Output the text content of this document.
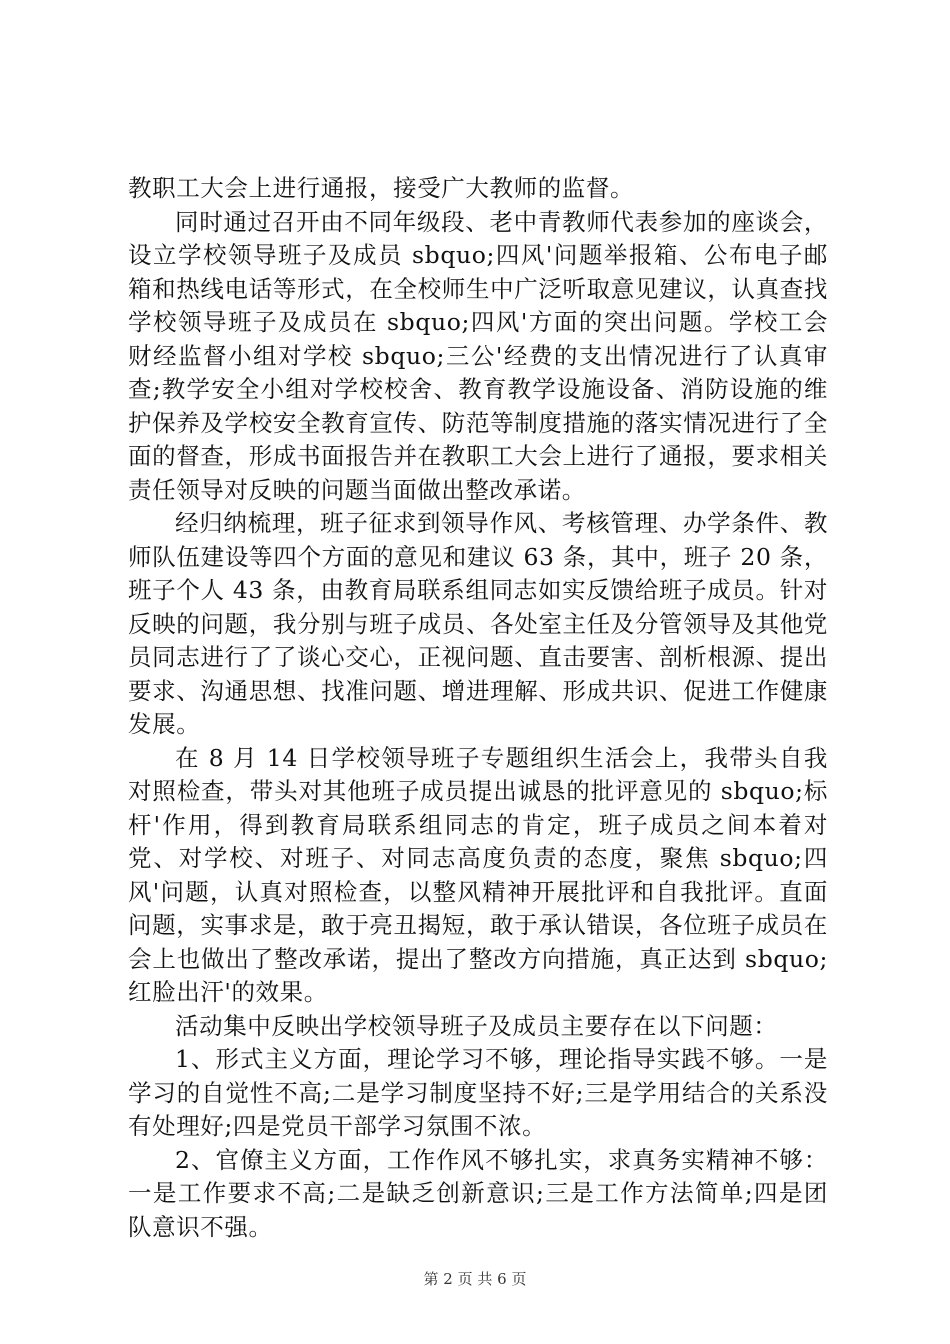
教职工大会上进行通报，接受广大教师的监督。

同时通过召开由不同年级段、老中青教师代表参加的座谈会，设立学校领导班子及成员 sbquo;四风'问题举报箱、公布电子邮箱和热线电话等形式，在全校师生中广泛听取意见建议，认真查找学校领导班子及成员在 sbquo;四风'方面的突出问题。学校工会财经监督小组对学校 sbquo;三公'经费的支出情况进行了认真审查;教学安全小组对学校校舍、教育教学设施设备、消防设施的维护保养及学校安全教育宣传、防范等制度措施的落实情况进行了全面的督查，形成书面报告并在教职工大会上进行了通报，要求相关责任领导对反映的问题当面做出整改承诺。

经归纳梳理，班子征求到领导作风、考核管理、办学条件、教师队伍建设等四个方面的意见和建议 63 条，其中，班子 20 条，班子个人 43 条，由教育局联系组同志如实反馈给班子成员。针对反映的问题，我分别与班子成员、各处室主任及分管领导及其他党员同志进行了了谈心交心，正视问题、直击要害、剖析根源、提出要求、沟通思想、找准问题、增进理解、形成共识、促进工作健康发展。

在 8 月 14 日学校领导班子专题组织生活会上，我带头自我对照检查，带头对其他班子成员提出诚恳的批评意见的 sbquo;标杆'作用，得到教育局联系组同志的肯定，班子成员之间本着对党、对学校、对班子、对同志高度负责的态度，聚焦 sbquo;四风'问题，认真对照检查，以整风精神开展批评和自我批评。直面问题，实事求是，敢于亮丑揭短，敢于承认错误，各位班子成员在会上也做出了整改承诺，提出了整改方向措施，真正达到 sbquo;红脸出汗'的效果。

活动集中反映出学校领导班子及成员主要存在以下问题：

1、形式主义方面，理论学习不够，理论指导实践不够。一是学习的自觉性不高;二是学习制度坚持不好;三是学用结合的关系没有处理好;四是党员干部学习氛围不浓。

2、官僚主义方面，工作作风不够扎实，求真务实精神不够：一是工作要求不高;二是缺乏创新意识;三是工作方法简单;四是团队意识不强。

第 2 页 共 6 页
